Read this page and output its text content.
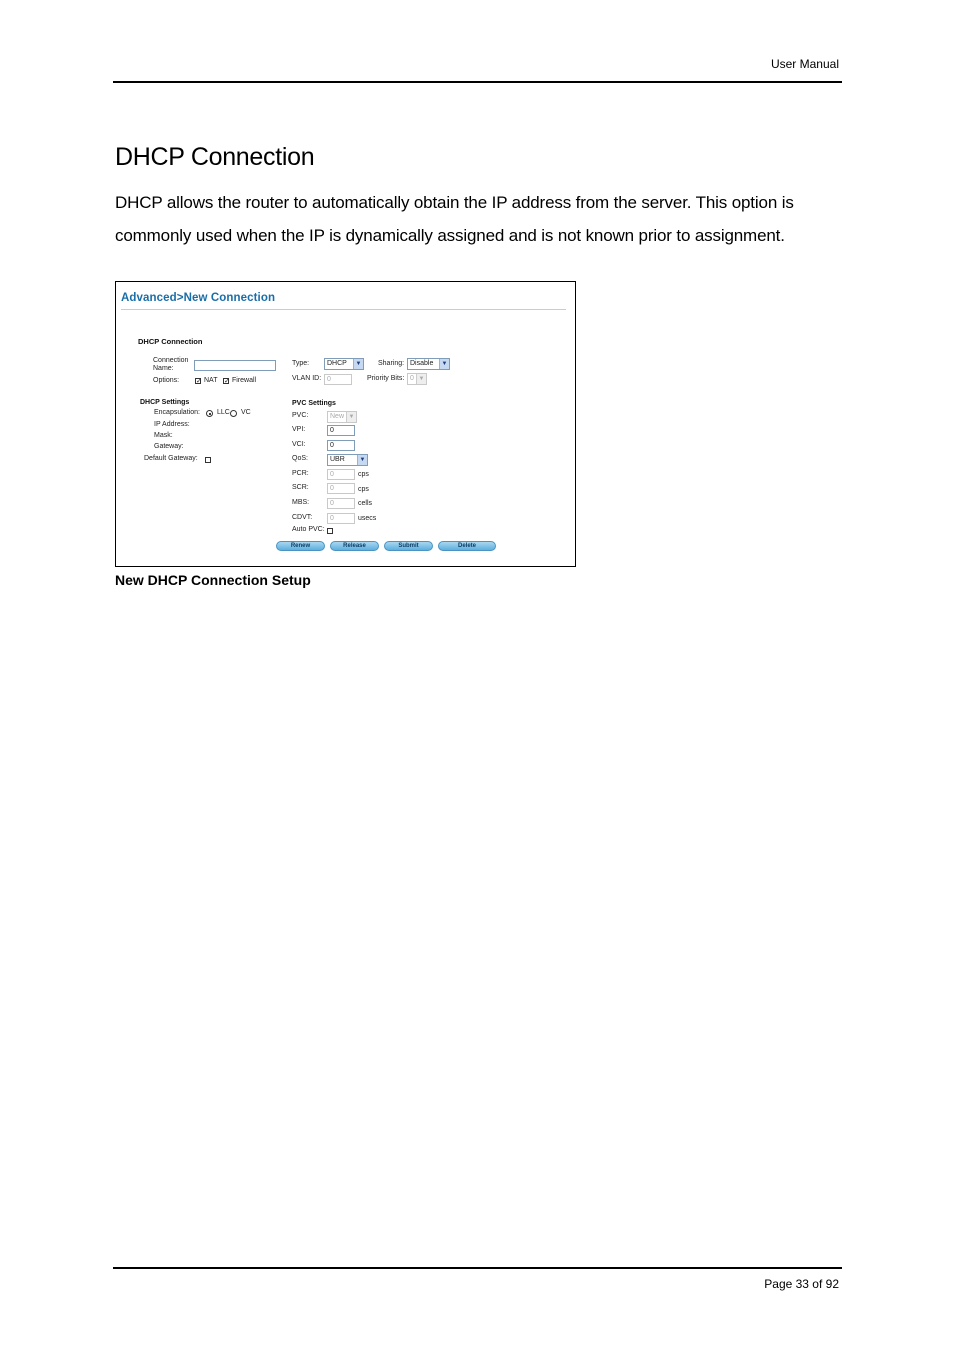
User Manual
DHCP Connection
DHCP allows the router to automatically obtain the IP address from the server. This option is commonly used when the IP is dynamically assigned and is not known prior to assignment.
Advanced>New Connection
DHCP Connection
Connection
Name:
Options: ✓ NAT ✓ Firewall
Type:	DHCP	▼ Sharing: Disable	▼
VLAN ID: 0	Priority Bits: 0 ▼
DHCP Settings
Encapsulation: LLC VC
IP Address:
Mask:
Gateway:
Default Gateway:
PVC Settings
PVC:	New ▼
VPI:	0
VCI:	0
QoS:	UBR	▼
PCR:	0	cps
SCR:	0	cps
MBS:	0	cells
CDVT:	0	usecs
Auto PVC:
Renew	Release	Submit	Delete
New DHCP Connection Setup
Page 33 of 92
